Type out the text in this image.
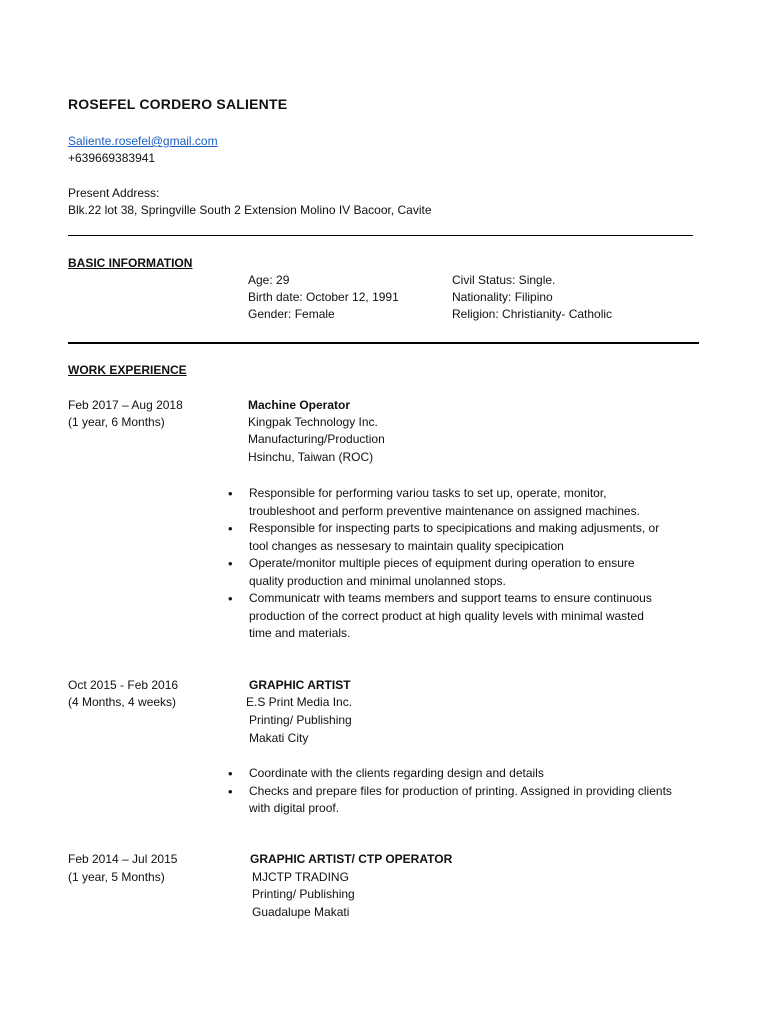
ROSEFEL CORDERO SALIENTE
Saliente.rosefel@gmail.com
+639669383941
Present Address:
Blk.22 lot 38, Springville South 2 Extension Molino IV Bacoor, Cavite
BASIC INFORMATION
Age: 29
Birth date: October 12, 1991
Gender: Female
Civil Status: Single.
Nationality: Filipino
Religion: Christianity- Catholic
WORK EXPERIENCE
Feb 2017 – Aug 2018
(1 year, 6 Months)
Machine Operator
Kingpak Technology Inc.
Manufacturing/Production
Hsinchu, Taiwan (ROC)
• Responsible for performing variou tasks to set up, operate, monitor,
troubleshoot and perform preventive maintenance on assigned machines.
• Responsible for inspecting parts to specipications and making adjusments, or
tool changes as nessesary to maintain quality specipication
• Operate/monitor multiple pieces of equipment during operation to ensure
quality production and minimal unolanned stops.
• Communicatr with teams members and support teams to ensure continuous
production of the correct product at high quality levels with minimal wasted
time and materials.
Oct 2015 - Feb 2016
(4 Months, 4 weeks)
GRAPHIC ARTIST
E.S Print Media Inc.
Printing/ Publishing
Makati City
• Coordinate with the clients regarding design and details
• Checks and prepare files for production of printing. Assigned in providing clients
with digital proof.
Feb 2014 – Jul 2015
(1 year, 5 Months)
GRAPHIC ARTIST/ CTP OPERATOR
MJCTP TRADING
Printing/ Publishing
Guadalupe Makati
